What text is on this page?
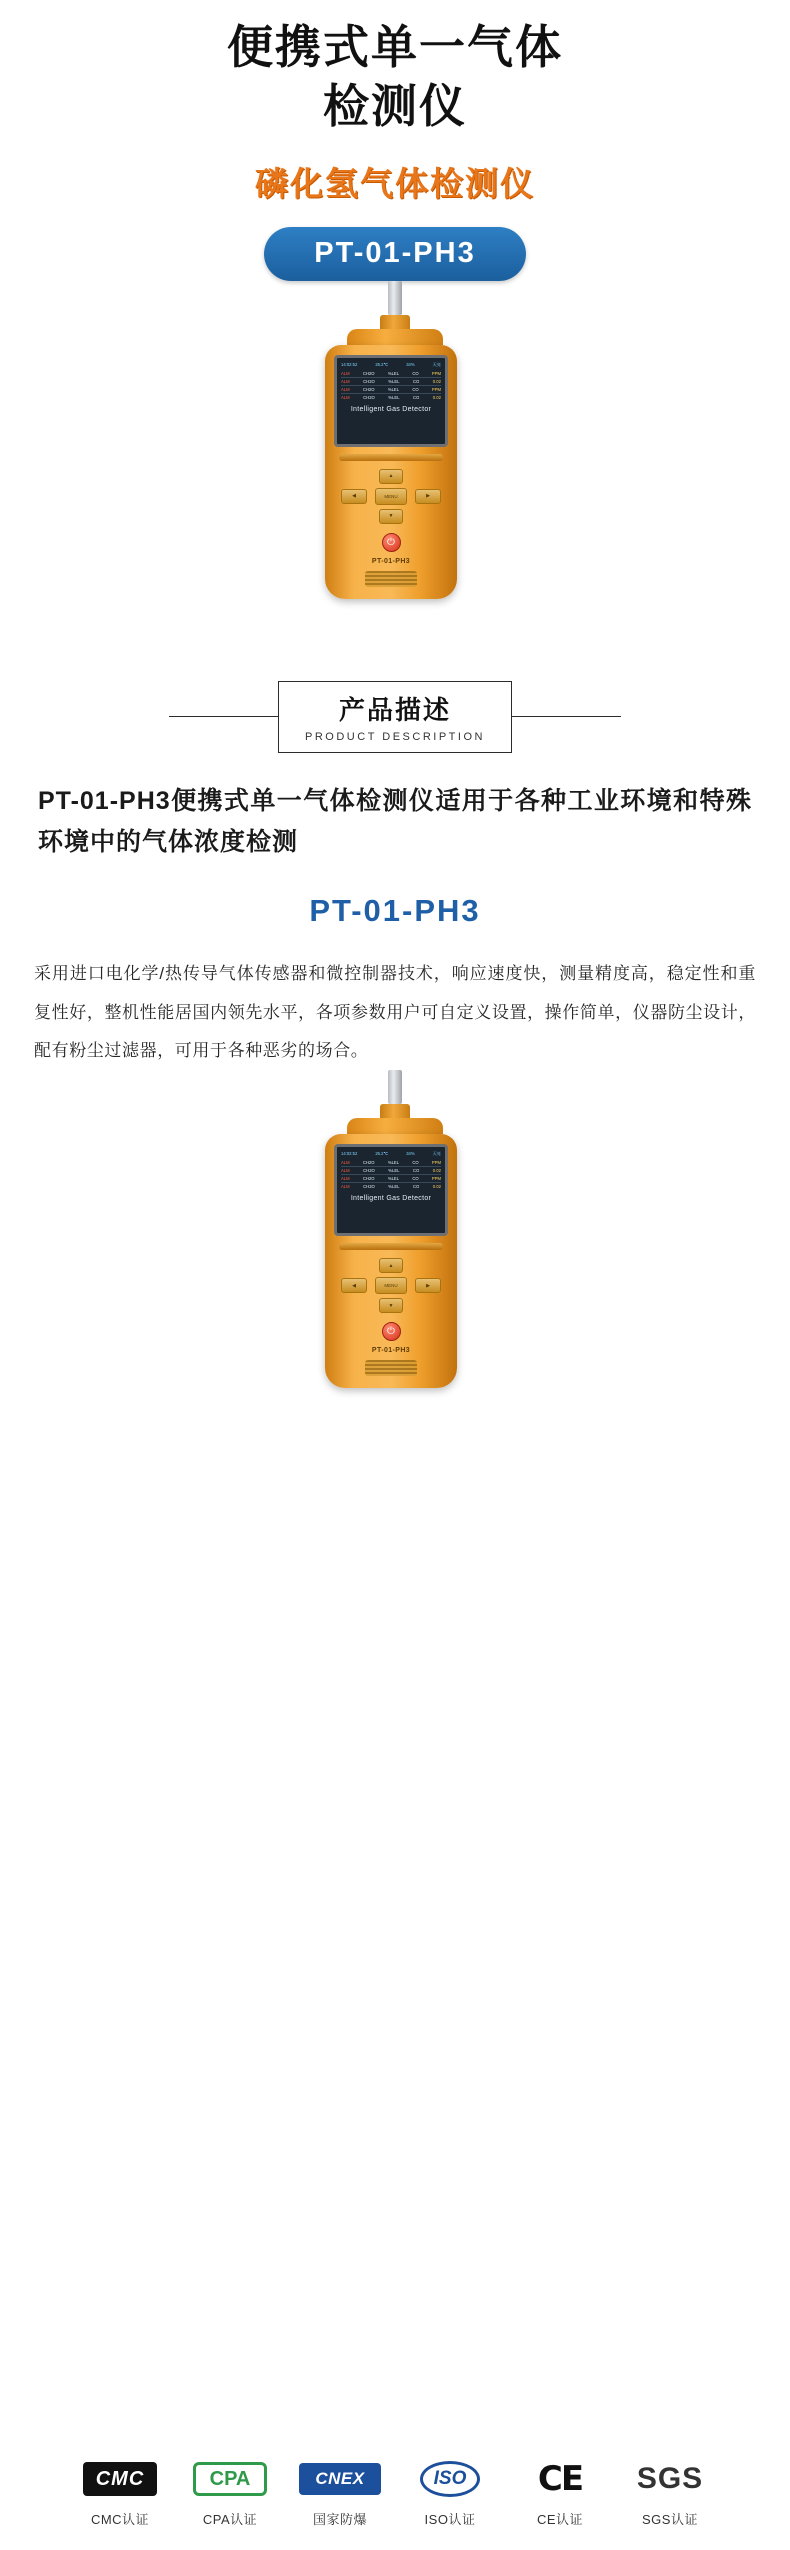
便携式单一气体
检测仪
磷化氢气体检测仪
PT-01-PH3
14:02:52	25.2℃	34%	天亮
ALM	CH2O	%LEL	CO	PPM
ALM	CH2O	%LEL	CO	0.02
ALM	CH2O	%LEL	CO	PPM
ALM	CH2O	%LEL	CO	0.02
Intelligent Gas Detector
▲
◀	MENU	▶
▼
⏻
PT-01-PH3
产品描述
PRODUCT DESCRIPTION
PT-01-PH3便携式单一气体检测仪适用于各种工业环境和特殊环境中的气体浓度检测
PT-01-PH3
采用进口电化学/热传导气体传感器和微控制器技术，响应速度快，测量精度高，稳定性和重复性好，整机性能居国内领先水平，各项参数用户可自定义设置，操作简单，仪器防尘设计，配有粉尘过滤器，可用于各种恶劣的场合。
14:02:52	25.2℃	34%	天亮
ALM	CH2O	%LEL	CO	PPM
ALM	CH2O	%LEL	CO	0.02
ALM	CH2O	%LEL	CO	PPM
ALM	CH2O	%LEL	CO	0.02
Intelligent Gas Detector
▲
◀	MENU	▶
▼
⏻
PT-01-PH3
CMC
CMC认证
CPA
CPA认证
CNEX
国家防爆
ISO
ISO认证
CE
CE认证
SGS
SGS认证
